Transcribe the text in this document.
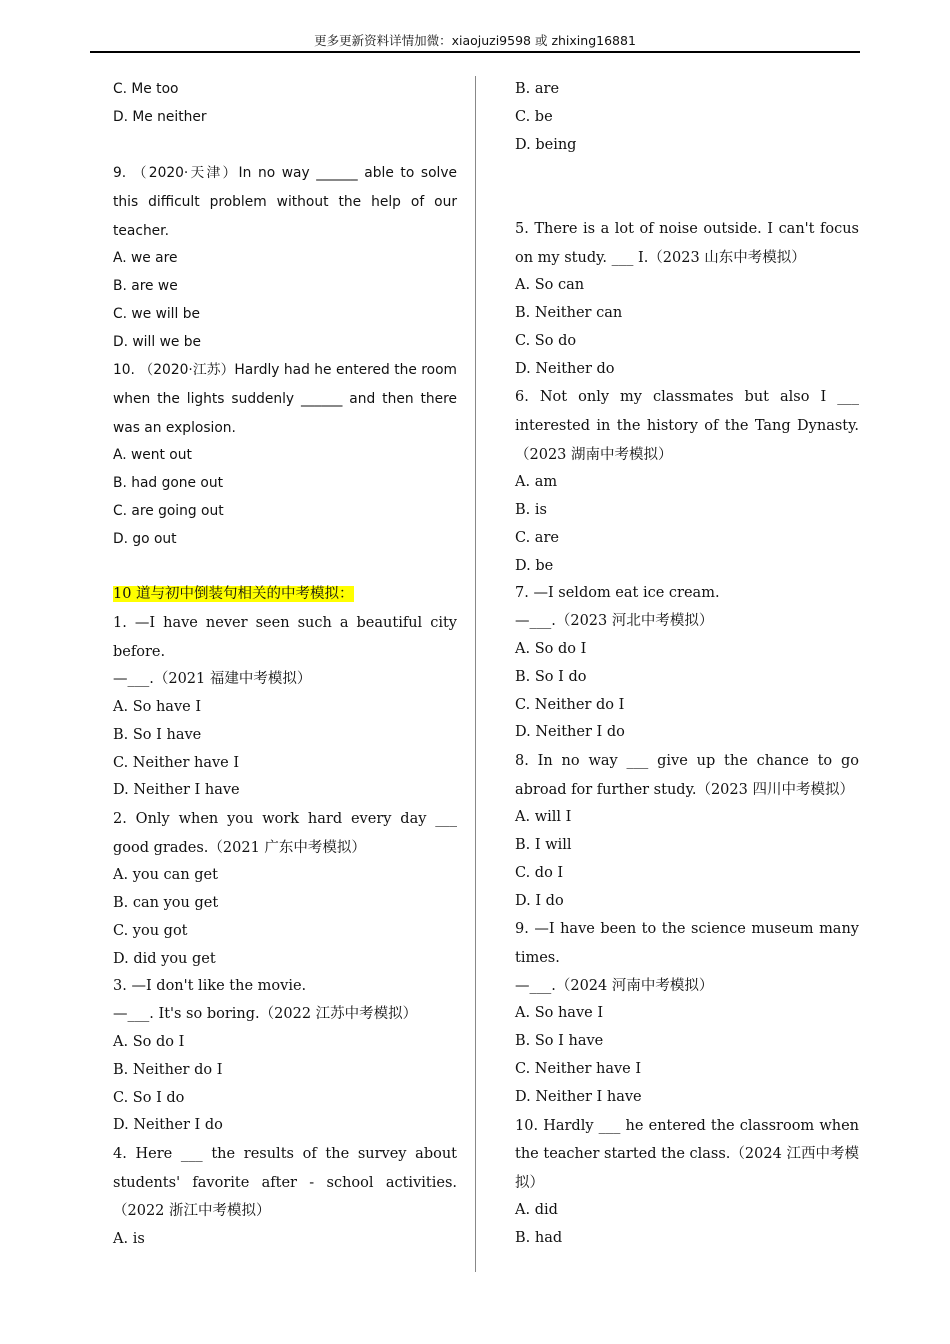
更多更新资料详情加微：xiaojuzi9598 或 zhixing16881
C. Me too
D. Me neither
9. （2020·天津）In no way ______ able to solve this difficult problem without the help of our teacher.
A. we are
B. are we
C. we will be
D. will we be
10. （2020·江苏）Hardly had he entered the room when the lights suddenly ______ and then there was an explosion.
A. went out
B. had gone out
C. are going out
D. go out
10 道与初中倒装句相关的中考模拟：
1. —I have never seen such a beautiful city before.
—___.（2021 福建中考模拟）
A. So have I
B. So I have
C. Neither have I
D. Neither I have
2. Only when you work hard every day ___ good grades.（2021 广东中考模拟）
A. you can get
B. can you get
C. you got
D. did you get
3. —I don't like the movie.
—___. It's so boring.（2022 江苏中考模拟）
A. So do I
B. Neither do I
C. So I do
D. Neither I do
4. Here ___ the results of the survey about students' favorite after - school activities.（2022 浙江中考模拟）
A. is
B. are
C. be
D. being
5. There is a lot of noise outside. I can't focus on my study. ___ I.（2023 山东中考模拟）
A. So can
B. Neither can
C. So do
D. Neither do
6. Not only my classmates but also I ___ interested in the history of the Tang Dynasty.（2023 湖南中考模拟）
A. am
B. is
C. are
D. be
7. —I seldom eat ice cream.
—___.（2023 河北中考模拟）
A. So do I
B. So I do
C. Neither do I
D. Neither I do
8. In no way ___ give up the chance to go abroad for further study.（2023 四川中考模拟）
A. will I
B. I will
C. do I
D. I do
9. —I have been to the science museum many times.
—___.（2024 河南中考模拟）
A. So have I
B. So I have
C. Neither have I
D. Neither I have
10. Hardly ___ he entered the classroom when the teacher started the class.（2024 江西中考模拟）
A. did
B. had
